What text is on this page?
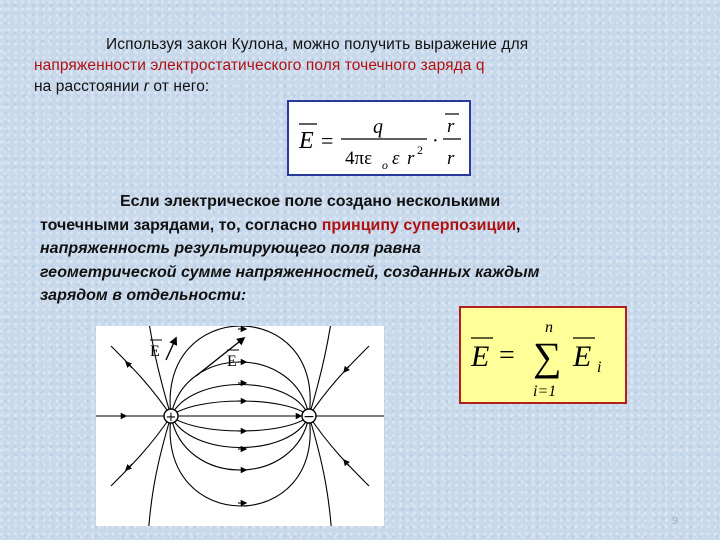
Используя закон Кулона, можно получить выражение для
напряженности электростатического поля точечного заряда q
на расстоянии r от него:
E =
q
4πε o ε r 2 ·
r
r
Если электрическое поле создано несколькими
точечными зарядами, то, согласно принципу суперпозиции,
напряженность результирующего поля равна
геометрической сумме напряженностей, созданных каждым
зарядом в отдельности:
+	−
E
E	E =
n
∑
i=1
E i
9
